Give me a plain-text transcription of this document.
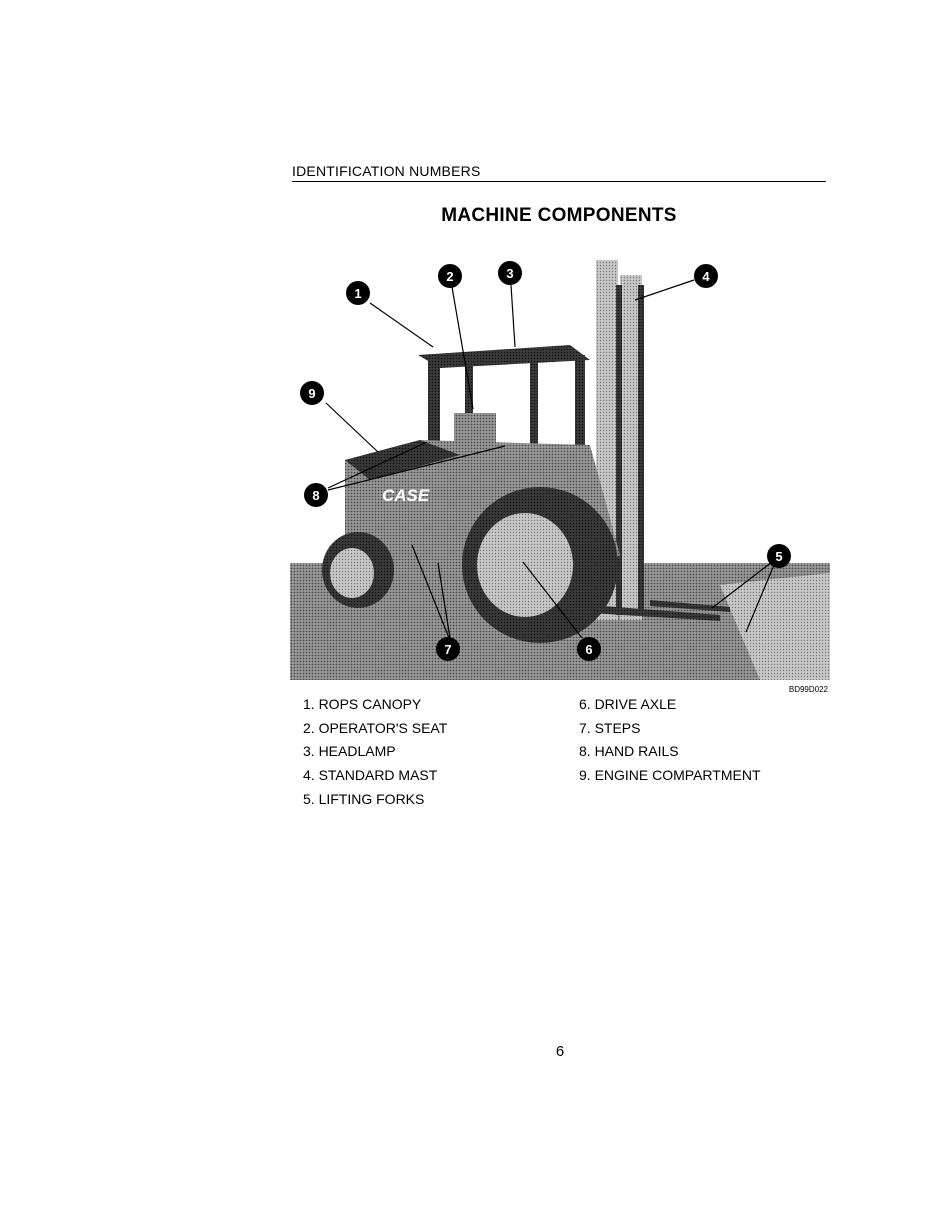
IDENTIFICATION NUMBERS
MACHINE COMPONENTS
CASE
1
2	3	4
5
6
7
8
9
BD99D022
1. ROPS CANOPY
2. OPERATOR'S SEAT
3. HEADLAMP
4. STANDARD MAST
5. LIFTING FORKS
6. DRIVE AXLE
7. STEPS
8. HAND RAILS
9. ENGINE COMPARTMENT
6
